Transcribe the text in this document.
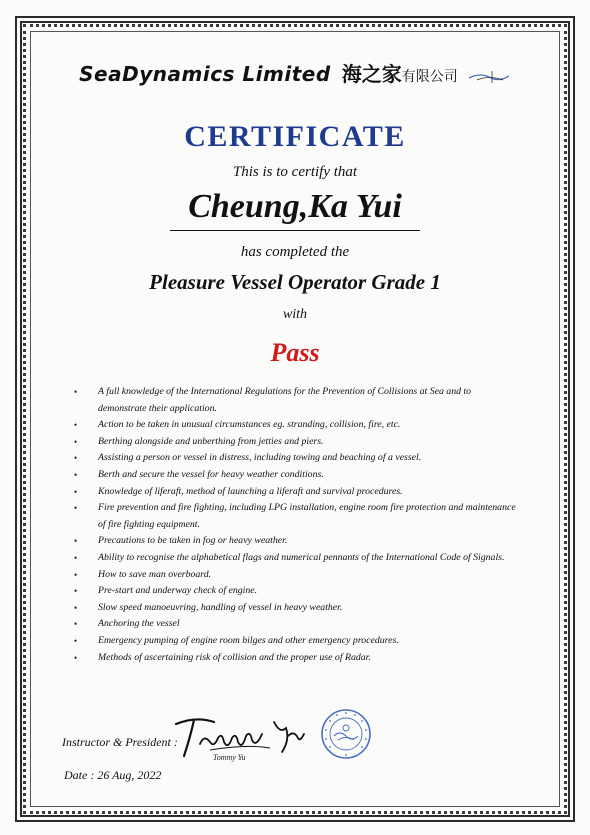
SeaDynamics Limited 海之家有限公司
CERTIFICATE
This is to certify that
Cheung,Ka Yui
has completed the
Pleasure Vessel Operator Grade 1
with
Pass
• A full knowledge of the International Regulations for the Prevention of Collisions at Sea and to demonstrate their application.
• Action to be taken in unusual circumstances eg. stranding, collision, fire, etc.
• Berthing alongside and unberthing from jetties and piers.
• Assisting a person or vessel in distress, including towing and beaching of a vessel.
• Berth and secure the vessel for heavy weather conditions.
• Knowledge of liferaft, method of launching a liferaft and survival procedures.
• Fire prevention and fire fighting, including LPG installation, engine room fire protection and maintenance of fire fighting equipment.
• Precautions to be taken in fog or heavy weather.
• Ability to recognise the alphabetical flags and numerical pennants of the International Code of Signals.
• How to save man overboard.
• Pre-start and underway check of engine.
• Slow speed manoeuvring, handling of vessel in heavy weather.
• Anchoring the vessel
• Emergency pumping of engine room bilges and other emergency procedures.
• Methods of ascertaining risk of collision and the proper use of Radar.
Instructor & President :
Tommy Yu
Date : 26 Aug, 2022
